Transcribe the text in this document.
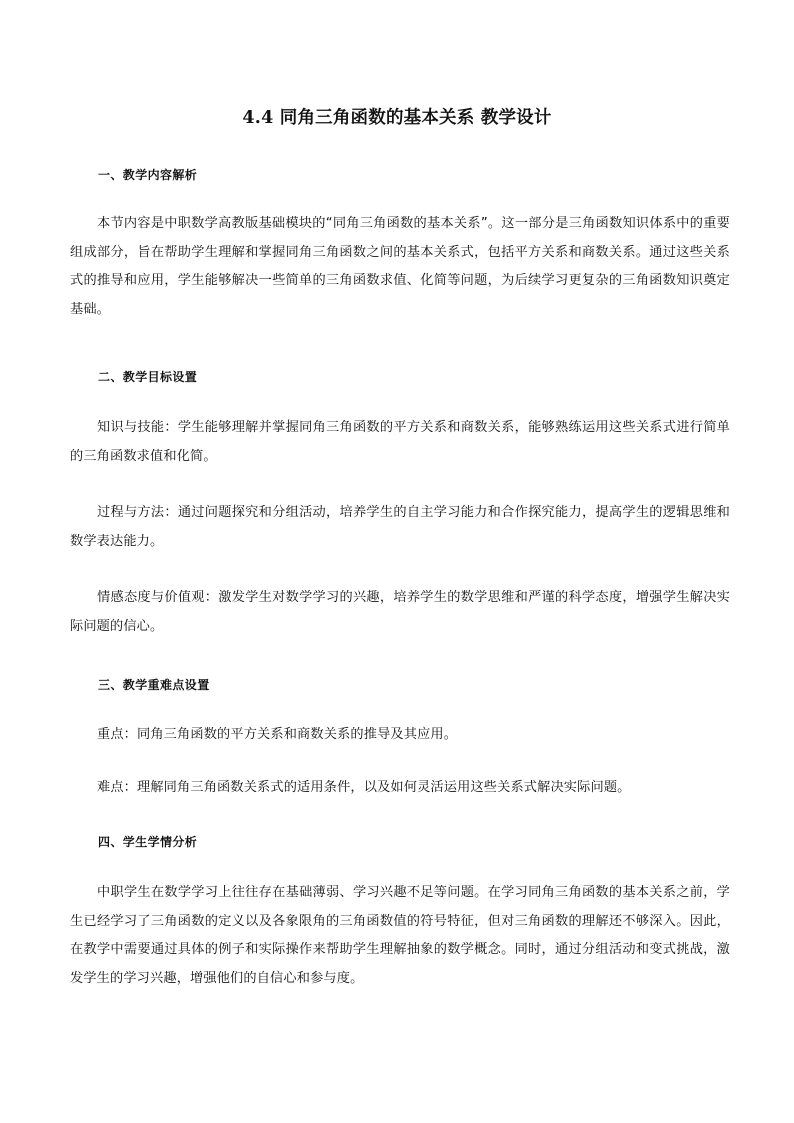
4.4 同角三角函数的基本关系 教学设计
一、教学内容解析
本节内容是中职数学高教版基础模块的“同角三角函数的基本关系”。这一部分是三角函数知识体系中的重要组成部分，旨在帮助学生理解和掌握同角三角函数之间的基本关系式，包括平方关系和商数关系。通过这些关系式的推导和应用，学生能够解决一些简单的三角函数求值、化简等问题，为后续学习更复杂的三角函数知识奠定基础。
二、教学目标设置
知识与技能：学生能够理解并掌握同角三角函数的平方关系和商数关系，能够熟练运用这些关系式进行简单的三角函数求值和化简。
过程与方法：通过问题探究和分组活动，培养学生的自主学习能力和合作探究能力，提高学生的逻辑思维和数学表达能力。
情感态度与价值观：激发学生对数学学习的兴趣，培养学生的数学思维和严谨的科学态度，增强学生解决实际问题的信心。
三、教学重难点设置
重点：同角三角函数的平方关系和商数关系的推导及其应用。
难点：理解同角三角函数关系式的适用条件，以及如何灵活运用这些关系式解决实际问题。
四、学生学情分析
中职学生在数学学习上往往存在基础薄弱、学习兴趣不足等问题。在学习同角三角函数的基本关系之前，学生已经学习了三角函数的定义以及各象限角的三角函数值的符号特征，但对三角函数的理解还不够深入。因此，在教学中需要通过具体的例子和实际操作来帮助学生理解抽象的数学概念。同时，通过分组活动和变式挑战，激发学生的学习兴趣，增强他们的自信心和参与度。
